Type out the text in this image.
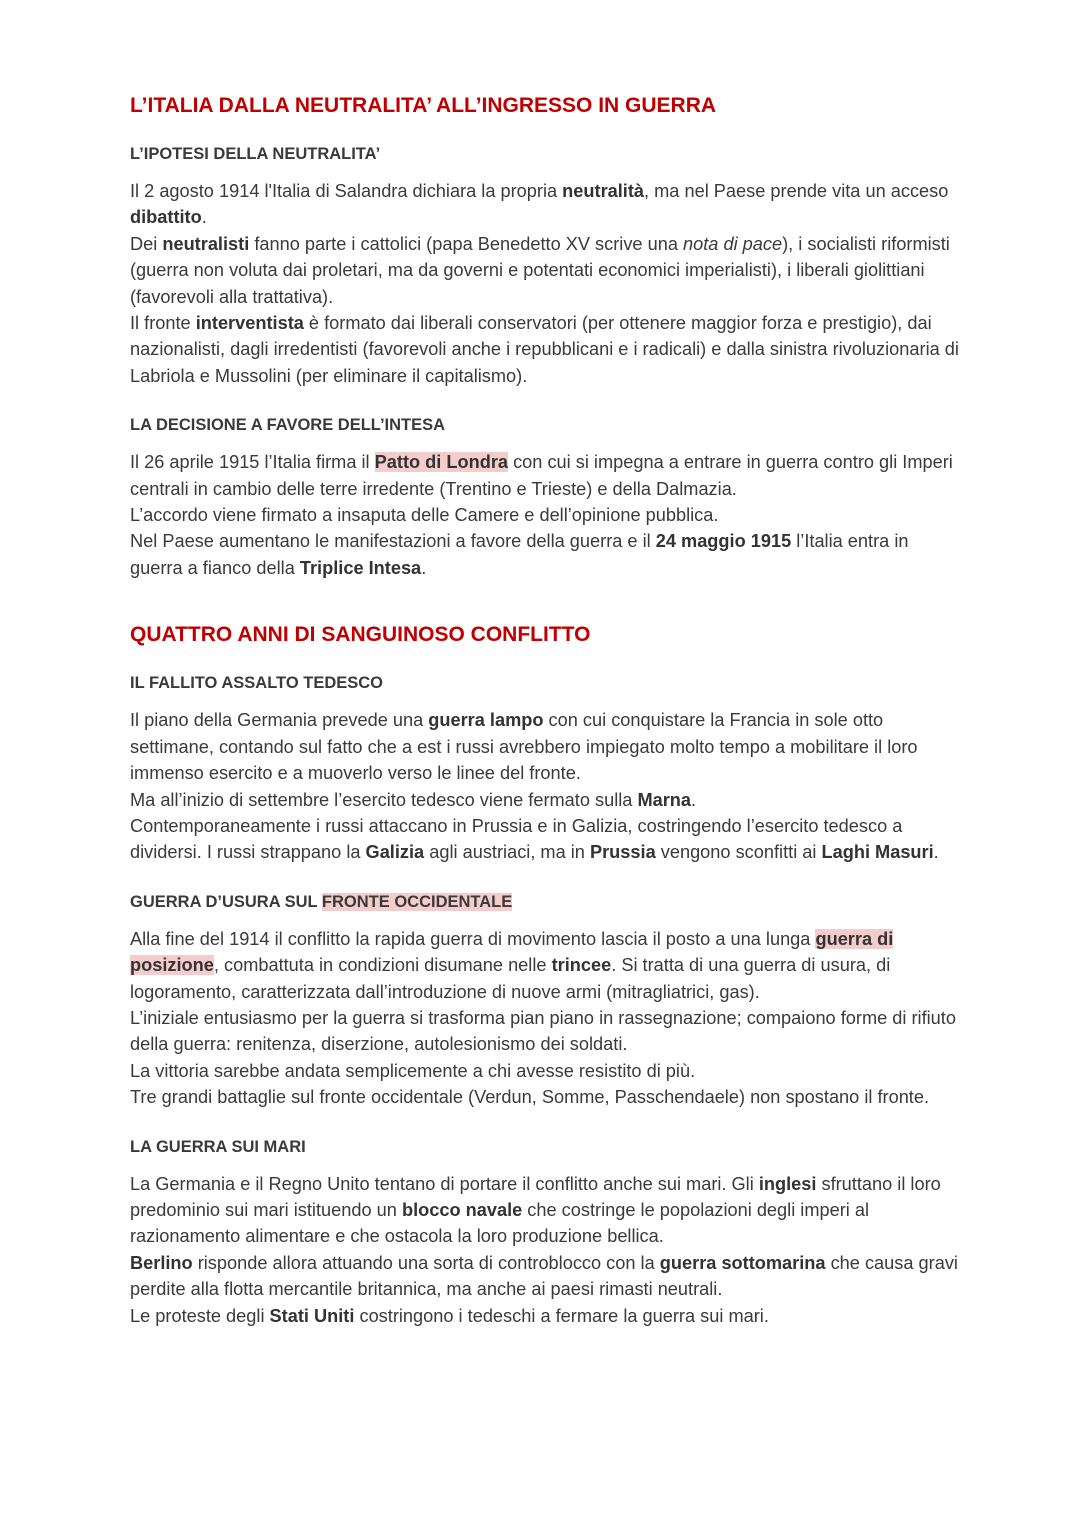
L’ITALIA DALLA NEUTRALITA’ ALL’INGRESSO IN GUERRA
L’IPOTESI DELLA NEUTRALITA’

Il 2 agosto 1914 l'Italia di Salandra dichiara la propria neutralità, ma nel Paese prende vita un acceso dibattito.

Dei neutralisti fanno parte i cattolici (papa Benedetto XV scrive una nota di pace), i socialisti riformisti (guerra non voluta dai proletari, ma da governi e potentati economici imperialisti), i liberali giolittiani (favorevoli alla trattativa).

Il fronte interventista è formato dai liberali conservatori (per ottenere maggior forza e prestigio), dai nazionalisti, dagli irredentisti (favorevoli anche i repubblicani e i radicali) e dalla sinistra rivoluzionaria di Labriola e Mussolini (per eliminare il capitalismo).

LA DECISIONE A FAVORE DELL’INTESA

Il 26 aprile 1915 l’Italia firma il Patto di Londra con cui si impegna a entrare in guerra contro gli Imperi centrali in cambio delle terre irredente (Trentino e Trieste) e della Dalmazia.

L’accordo viene firmato a insaputa delle Camere e dell’opinione pubblica.

Nel Paese aumentano le manifestazioni a favore della guerra e il 24 maggio 1915 l’Italia entra in guerra a fianco della Triplice Intesa.

QUATTRO ANNI DI SANGUINOSO CONFLITTO
IL FALLITO ASSALTO TEDESCO

Il piano della Germania prevede una guerra lampo con cui conquistare la Francia in sole otto settimane, contando sul fatto che a est i russi avrebbero impiegato molto tempo a mobilitare il loro immenso esercito e a muoverlo verso le linee del fronte.

Ma all’inizio di settembre l’esercito tedesco viene fermato sulla Marna.

Contemporaneamente i russi attaccano in Prussia e in Galizia, costringendo l’esercito tedesco a dividersi. I russi strappano la Galizia agli austriaci, ma in Prussia vengono sconfitti ai Laghi Masuri.

GUERRA D’USURA SUL FRONTE OCCIDENTALE

Alla fine del 1914 il conflitto la rapida guerra di movimento lascia il posto a una lunga guerra di posizione, combattuta in condizioni disumane nelle trincee. Si tratta di una guerra di usura, di logoramento, caratterizzata dall’introduzione di nuove armi (mitragliatrici, gas).

L’iniziale entusiasmo per la guerra si trasforma pian piano in rassegnazione; compaiono forme di rifiuto della guerra: renitenza, diserzione, autolesionismo dei soldati.

La vittoria sarebbe andata semplicemente a chi avesse resistito di più.

Tre grandi battaglie sul fronte occidentale (Verdun, Somme, Passchendaele) non spostano il fronte.

LA GUERRA SUI MARI

La Germania e il Regno Unito tentano di portare il conflitto anche sui mari. Gli inglesi sfruttano il loro predominio sui mari istituendo un blocco navale che costringe le popolazioni degli imperi al razionamento alimentare e che ostacola la loro produzione bellica.

Berlino risponde allora attuando una sorta di controblocco con la guerra sottomarina che causa gravi perdite alla flotta mercantile britannica, ma anche ai paesi rimasti neutrali.

Le proteste degli Stati Uniti costringono i tedeschi a fermare la guerra sui mari.
